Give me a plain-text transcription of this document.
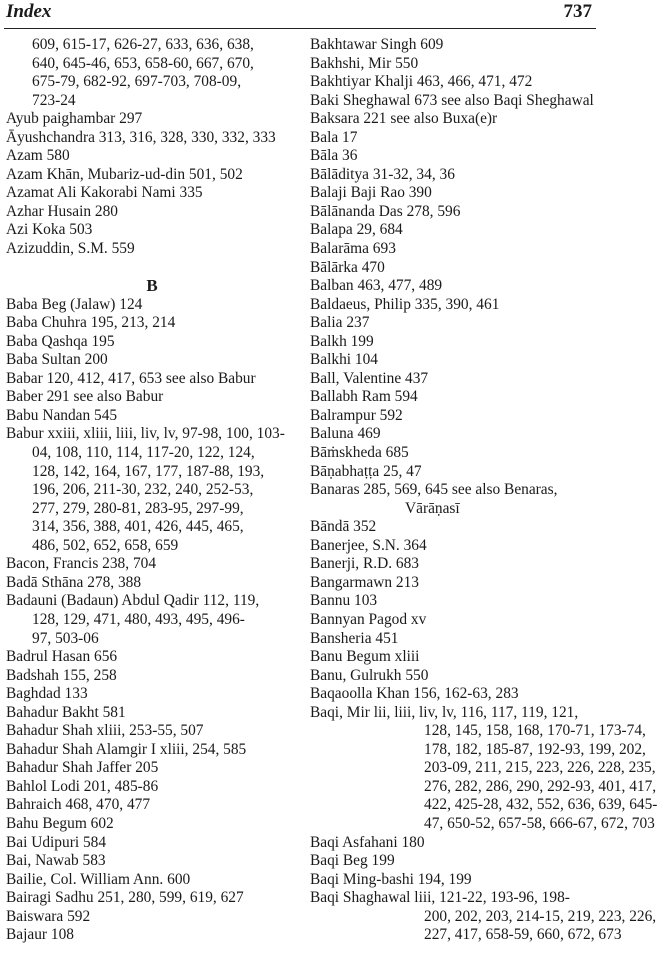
Index	737
609, 615-17, 626-27, 633, 636, 638,
640, 645-46, 653, 658-60, 667, 670,
675-79, 682-92, 697-703, 708-09,
723-24
Ayub paighambar 297
Āyushchandra 313, 316, 328, 330, 332, 333
Azam 580
Azam Khān, Mubariz-ud-din 501, 502
Azamat Ali Kakorabi Nami 335
Azhar Husain 280
Azi Koka 503
Azizuddin, S.M. 559
B
Baba Beg (Jalaw) 124
Baba Chuhra 195, 213, 214
Baba Qashqa 195
Baba Sultan 200
Babar 120, 412, 417, 653 see also Babur
Baber 291 see also Babur
Babu Nandan 545
Babur xxiii, xliii, liii, liv, lv, 97-98, 100, 103-
04, 108, 110, 114, 117-20, 122, 124,
128, 142, 164, 167, 177, 187-88, 193,
196, 206, 211-30, 232, 240, 252-53,
277, 279, 280-81, 283-95, 297-99,
314, 356, 388, 401, 426, 445, 465,
486, 502, 652, 658, 659
Bacon, Francis 238, 704
Badā Sthāna 278, 388
Badauni (Badaun) Abdul Qadir 112, 119,
128, 129, 471, 480, 493, 495, 496-
97, 503-06
Badrul Hasan 656
Badshah 155, 258
Baghdad 133
Bahadur Bakht 581
Bahadur Shah xliii, 253-55, 507
Bahadur Shah Alamgir I xliii, 254, 585
Bahadur Shah Jaffer 205
Bahlol Lodi 201, 485-86
Bahraich 468, 470, 477
Bahu Begum 602
Bai Udipuri 584
Bai, Nawab 583
Bailie, Col. William Ann. 600
Bairagi Sadhu 251, 280, 599, 619, 627
Baiswara 592
Bajaur 108
Bakhtawar Singh 609
Bakhshi, Mir 550
Bakhtiyar Khalji 463, 466, 471, 472
Baki Sheghawal 673 see also Baqi Sheghawal
Baksara 221 see also Buxa(e)r
Bala 17
Bāla 36
Bālāditya 31-32, 34, 36
Balaji Baji Rao 390
Bālānanda Das 278, 596
Balapa 29, 684
Balarāma 693
Bālārka 470
Balban 463, 477, 489
Baldaeus, Philip 335, 390, 461
Balia 237
Balkh 199
Balkhi 104
Ball, Valentine 437
Ballabh Ram 594
Balrampur 592
Baluna 469
Bāṁskheda 685
Bāṇabhaṭṭa 25, 47
Banaras 285, 569, 645 see also Benaras,
Vārāṇasī
Bāndā 352
Banerjee, S.N. 364
Banerji, R.D. 683
Bangarmawn 213
Bannu 103
Bannyan Pagod xv
Bansheria 451
Banu Begum xliii
Banu, Gulrukh 550
Baqaoolla Khan 156, 162-63, 283
Baqi, Mir lii, liii, liv, lv, 116, 117, 119, 121,
128, 145, 158, 168, 170-71, 173-74,
178, 182, 185-87, 192-93, 199, 202,
203-09, 211, 215, 223, 226, 228, 235,
276, 282, 286, 290, 292-93, 401, 417,
422, 425-28, 432, 552, 636, 639, 645-
47, 650-52, 657-58, 666-67, 672, 703
Baqi Asfahani 180
Baqi Beg 199
Baqi Ming-bashi 194, 199
Baqi Shaghawal liii, 121-22, 193-96, 198-
200, 202, 203, 214-15, 219, 223, 226,
227, 417, 658-59, 660, 672, 673
